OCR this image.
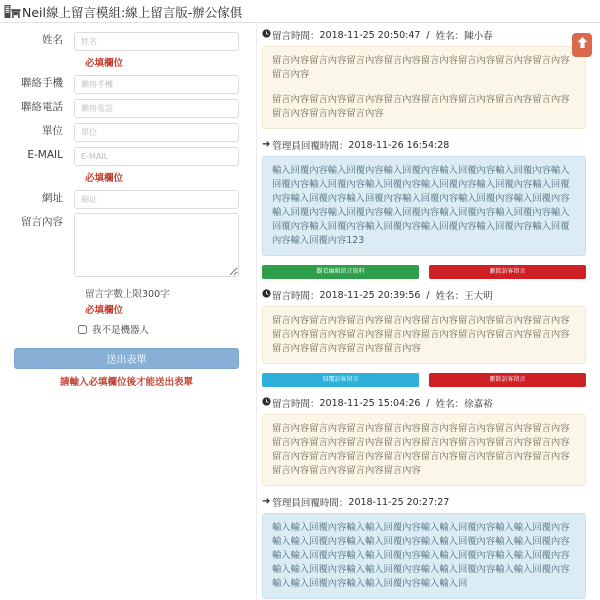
Neil線上留言模組:線上留言版-辦公傢俱
姓名
姓名
必填欄位
聯絡手機
聯絡手機
聯絡電話
聯絡電話
單位
單位
E-MAIL
E-MAIL
必填欄位
網址
網址
留言內容
留言字數上限300字
必填欄位
我不是機器人
送出表單
請輸入必填欄位後才能送出表單
留言時間： 2018-11-25 20:50:47 / 姓名： 陳小春

留言內容留言內容留言內容留言內容留言內容留言內容留言內容留言內容留言內容

留言內容留言內容留言內容留言內容留言內容留言內容留言內容留言內容留言內容留言內容留言內容

➜ 管理員回覆時間： 2018-11-26 16:54:28

輸入回覆內容輸入回覆內容輸入回覆內容輸入回覆內容輸入回覆內容輸入回覆內容輸入回覆內容輸入回覆內容輸入回覆內容輸入回覆內容輸入回覆內容輸入回覆內容輸入回覆內容輸入回覆內容輸入回覆內容輸入回覆內容輸入回覆內容輸入回覆內容輸入回覆內容輸入回覆內容輸入回覆內容輸入回覆內容輸入回覆內容輸入回覆內容輸入回覆內容輸入回覆內容輸入回覆內容輸入回覆內容123

觀看編輯留言資料	刪除訪客留言
留言時間： 2018-11-25 20:39:56 / 姓名： 王大明

留言內容留言內容留言內容留言內容留言內容留言內容留言內容留言內容留言內容留言內容留言內容留言內容留言內容留言內容留言內容留言內容留言內容留言內容留言內容留言內容

回覆訪客留言	刪除訪客留言
留言時間： 2018-11-25 15:04:26 / 姓名： 徐嘉裕

留言內容留言內容留言內容留言內容留言內容留言內容留言內容留言內容留言內容留言內容留言內容留言內容留言內容留言內容留言內容留言內容留言內容留言內容留言內容留言內容留言內容留言內容留言內容留言內容留言內容留言內容留言內容留言內容

➜ 管理員回覆時間： 2018-11-25 20:27:27

輸入輸入回覆內容輸入輸入回覆內容輸入輸入回覆內容輸入輸入回覆內容輸入輸入回覆內容輸入輸入回覆內容輸入輸入回覆內容輸入輸入回覆內容輸入輸入回覆內容輸入輸入回覆內容輸入輸入回覆內容輸入輸入回覆內容輸入輸入回覆內容輸入輸入回覆內容輸入輸入回覆內容輸入輸入回覆內容輸入輸入回覆內容輸入輸入回覆內容輸入輸入回
